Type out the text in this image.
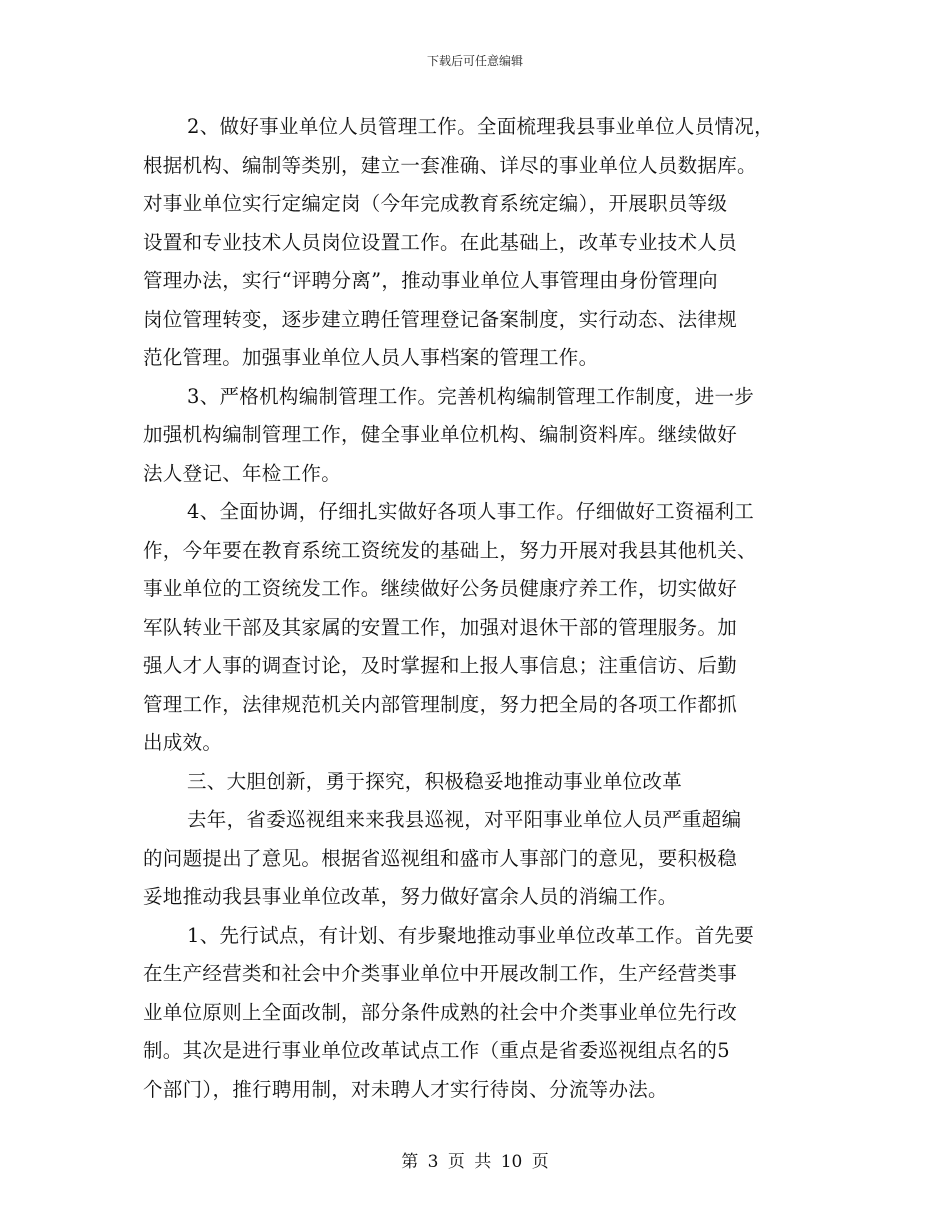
下载后可任意编辑
2、做好事业单位人员管理工作。全面梳理我县事业单位人员情况，
根据机构、编制等类别，建立一套准确、详尽的事业单位人员数据库。
对事业单位实行定编定岗（今年完成教育系统定编），开展职员等级
设置和专业技术人员岗位设置工作。在此基础上，改革专业技术人员
管理办法，实行“评聘分离”，推动事业单位人事管理由身份管理向
岗位管理转变，逐步建立聘任管理登记备案制度，实行动态、法律规
范化管理。加强事业单位人员人事档案的管理工作。
3、严格机构编制管理工作。完善机构编制管理工作制度，进一步
加强机构编制管理工作，健全事业单位机构、编制资料库。继续做好
法人登记、年检工作。
4、全面协调，仔细扎实做好各项人事工作。仔细做好工资福利工
作，今年要在教育系统工资统发的基础上，努力开展对我县其他机关、
事业单位的工资统发工作。继续做好公务员健康疗养工作，切实做好
军队转业干部及其家属的安置工作，加强对退休干部的管理服务。加
强人才人事的调查讨论，及时掌握和上报人事信息；注重信访、后勤
管理工作，法律规范机关内部管理制度，努力把全局的各项工作都抓
出成效。
三、大胆创新，勇于探究，积极稳妥地推动事业单位改革
去年，省委巡视组来来我县巡视，对平阳事业单位人员严重超编
的问题提出了意见。根据省巡视组和盛市人事部门的意见，要积极稳
妥地推动我县事业单位改革，努力做好富余人员的消编工作。
1、先行试点，有计划、有步聚地推动事业单位改革工作。首先要
在生产经营类和社会中介类事业单位中开展改制工作，生产经营类事
业单位原则上全面改制，部分条件成熟的社会中介类事业单位先行改
制。其次是进行事业单位改革试点工作（重点是省委巡视组点名的5
个部门），推行聘用制，对未聘人才实行待岗、分流等办法。
第 3 页 共 10 页
